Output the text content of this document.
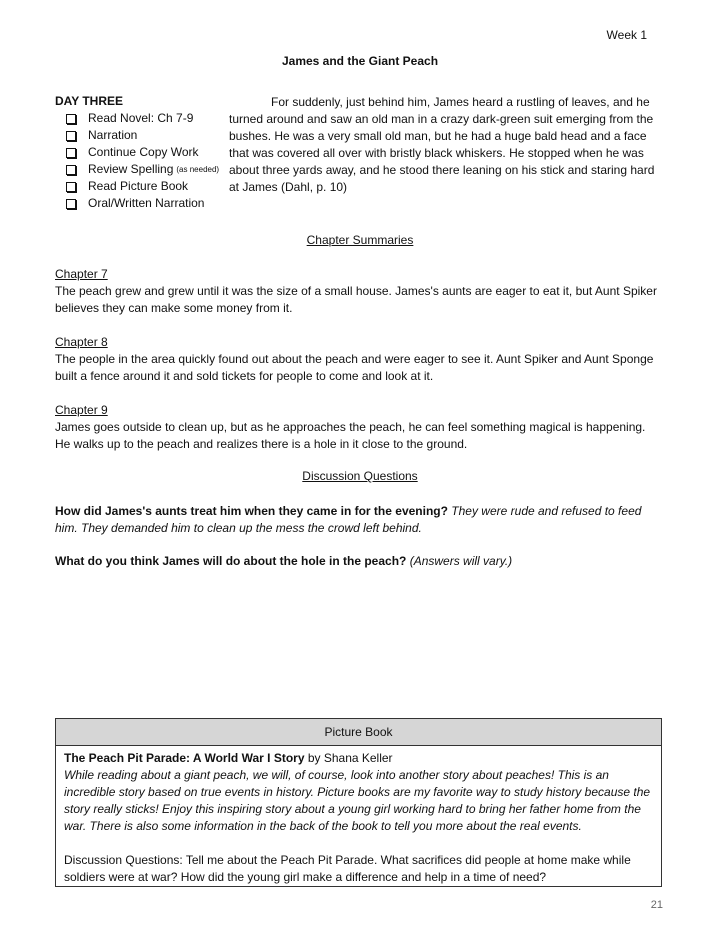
Week 1
James and the Giant Peach
DAY THREE
Read Novel: Ch 7-9
Narration
Continue Copy Work
Review Spelling (as needed)
Read Picture Book
Oral/Written Narration

For suddenly, just behind him, James heard a rustling of leaves, and he turned around and saw an old man in a crazy dark-green suit emerging from the bushes. He was a very small old man, but he had a huge bald head and a face that was covered all over with bristly black whiskers. He stopped when he was about three yards away, and he stood there leaning on his stick and staring hard at James (Dahl, p. 10)

Chapter Summaries
Chapter 7
The peach grew and grew until it was the size of a small house. James's aunts are eager to eat it, but Aunt Spiker believes they can make some money from it.
Chapter 8
The people in the area quickly found out about the peach and were eager to see it. Aunt Spiker and Aunt Sponge built a fence around it and sold tickets for people to come and look at it.
Chapter 9
James goes outside to clean up, but as he approaches the peach, he can feel something magical is happening. He walks up to the peach and realizes there is a hole in it close to the ground.
Discussion Questions
How did James's aunts treat him when they came in for the evening? They were rude and refused to feed him. They demanded him to clean up the mess the crowd left behind.
What do you think James will do about the hole in the peach? (Answers will vary.)
Picture Book
The Peach Pit Parade: A World War I Story by Shana Keller
While reading about a giant peach, we will, of course, look into another story about peaches! This is an incredible story based on true events in history. Picture books are my favorite way to study history because the story really sticks! Enjoy this inspiring story about a young girl working hard to bring her father home from the war. There is also some information in the back of the book to tell you more about the real events.
Discussion Questions: Tell me about the Peach Pit Parade. What sacrifices did people at home make while soldiers were at war? How did the young girl make a difference and help in a time of need?
21
